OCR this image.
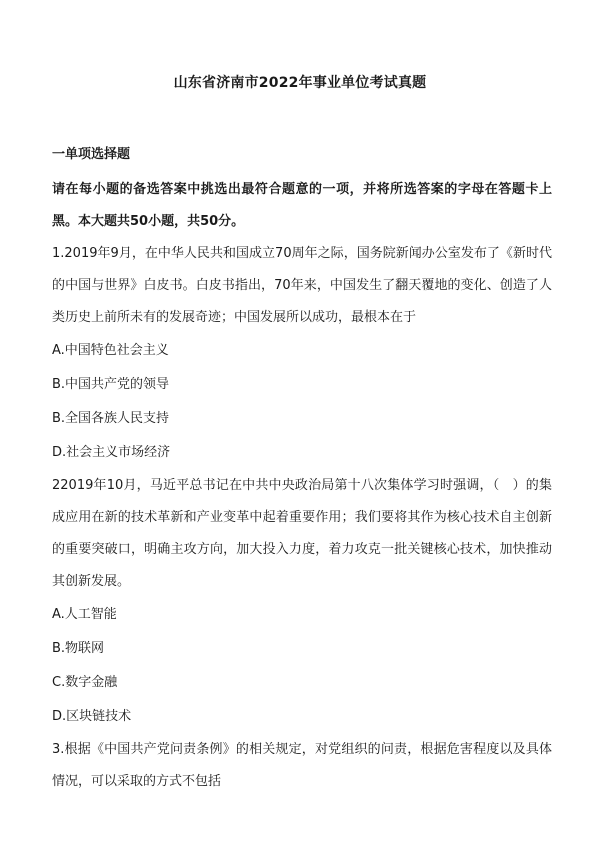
山东省济南市2022年事业单位考试真题
一单项选择题
请在每小题的备选答案中挑选出最符合题意的一项，并将所选答案的字母在答题卡上黑。本大题共50小题，共50分。
1.2019年9月，在中华人民共和国成立70周年之际，国务院新闻办公室发布了《新时代的中国与世界》白皮书。白皮书指出，70年来，中国发生了翻天覆地的变化、创造了人类历史上前所未有的发展奇迹；中国发展所以成功，最根本在于
A.中国特色社会主义
B.中国共产党的领导
B.全国各族人民支持
D.社会主义市场经济
22019年10月，马近平总书记在中共中央政治局第十八次集体学习时强调，（　）的集成应用在新的技术革新和产业变革中起着重要作用；我们要将其作为核心技术自主创新的重要突破口，明确主攻方向，加大投入力度，着力攻克一批关键核心技术，加快推动其创新发展。
A.人工智能
B.物联网
C.数字金融
D.区块链技术
3.根据《中国共产党问责条例》的相关规定，对党组织的问责，根据危害程度以及具体情况，可以采取的方式不包括
